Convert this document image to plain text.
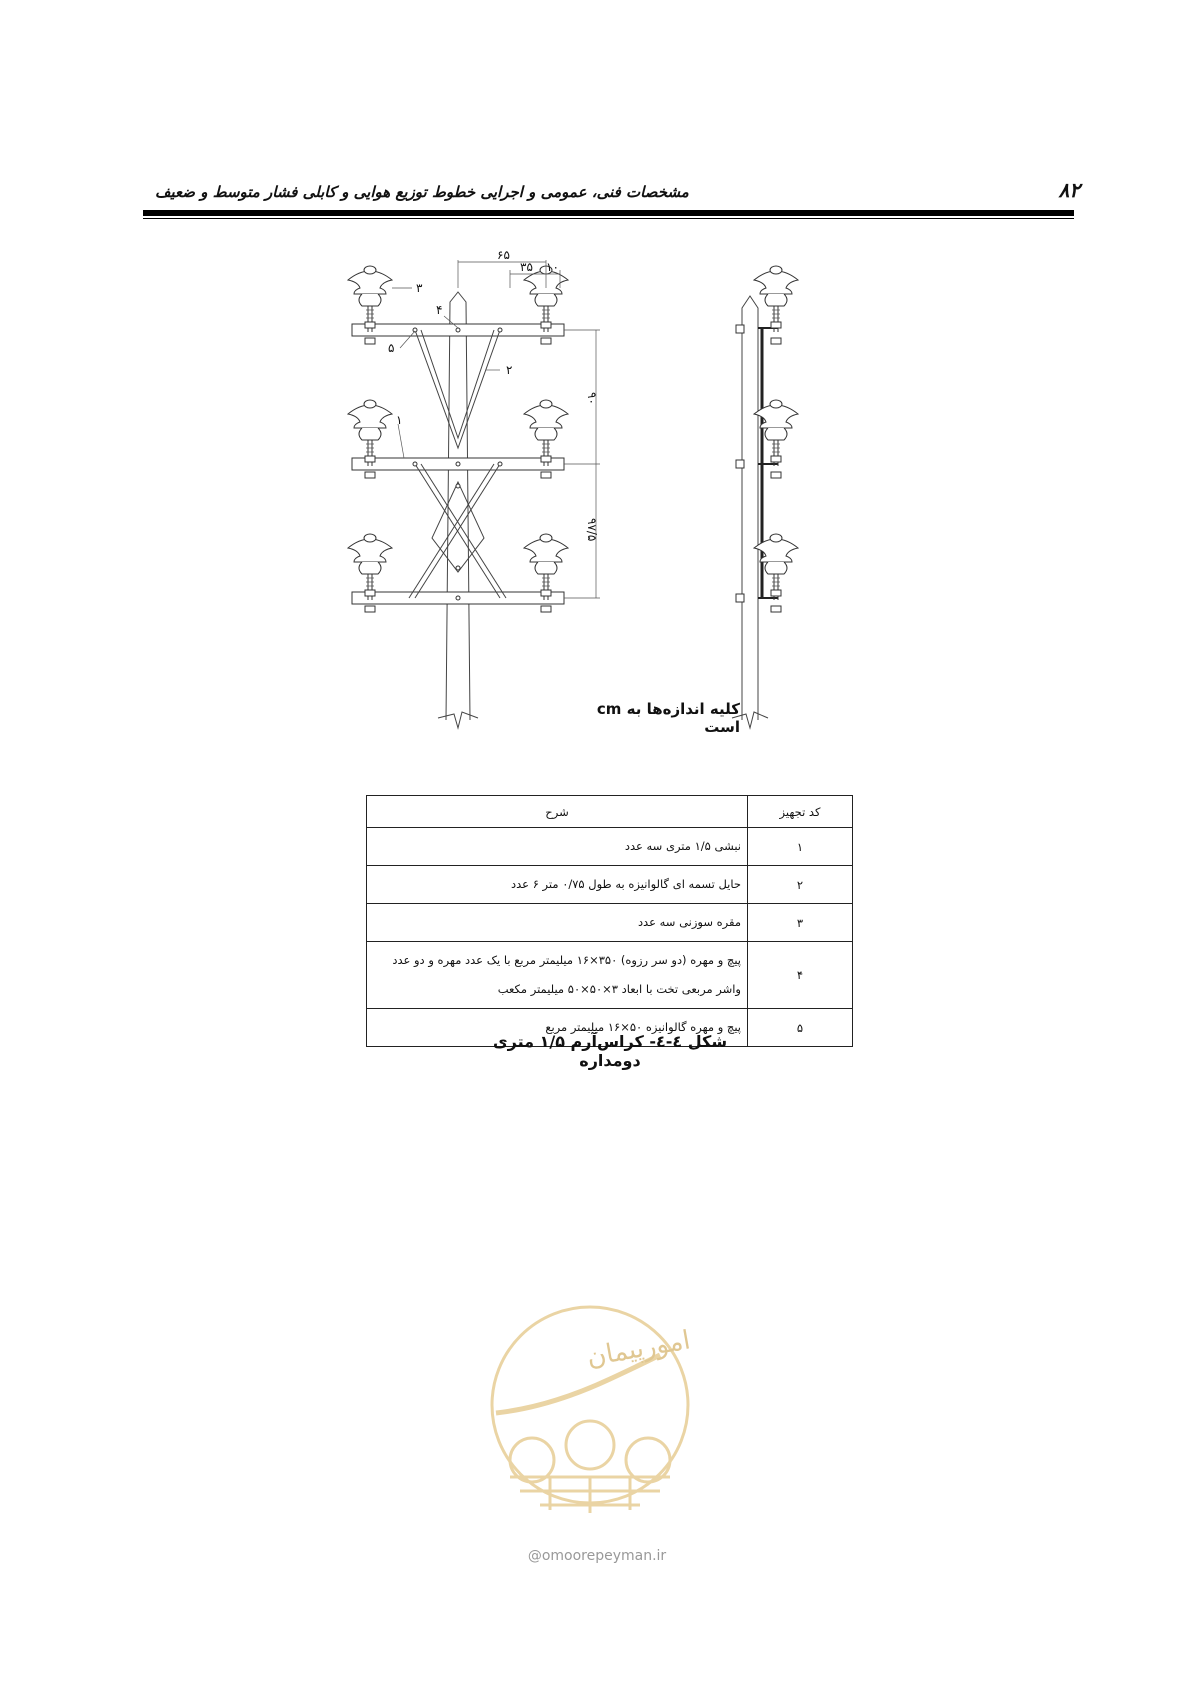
مشخصات فنی، عمومی و اجرایی خطوط توزیع هوایی و کابلی فشار متوسط و ضعیف	۸۲
۶۵
۳۵ ۱۰
۹۰
۹۷/۵
۳
۴
۵
۲
۱
کلیه اندازه‌ها به cm است
کد تجهیز	شرح
۱	نبشی ۱/۵ متری سه عدد
۲	حایل تسمه ای گالوانیزه به طول ۰/۷۵ متر ۶ عدد
۳	مقره سوزنی سه عدد
۴	پیچ و مهره (دو سر رزوه) ۳۵۰×۱۶ میلیمتر مربع با یک عدد مهره و دو عدد
واشر مربعی تخت با ابعاد ۳×۵۰×۵۰ میلیمتر مکعب

۵	پیچ و مهره گالوانیزه ۵۰×۱۶ میلیمتر مربع
شکل ٤-٤- کراس‌آرم ۱/۵ متری دومداره
امورپیمان
@omoorepeyman.ir
